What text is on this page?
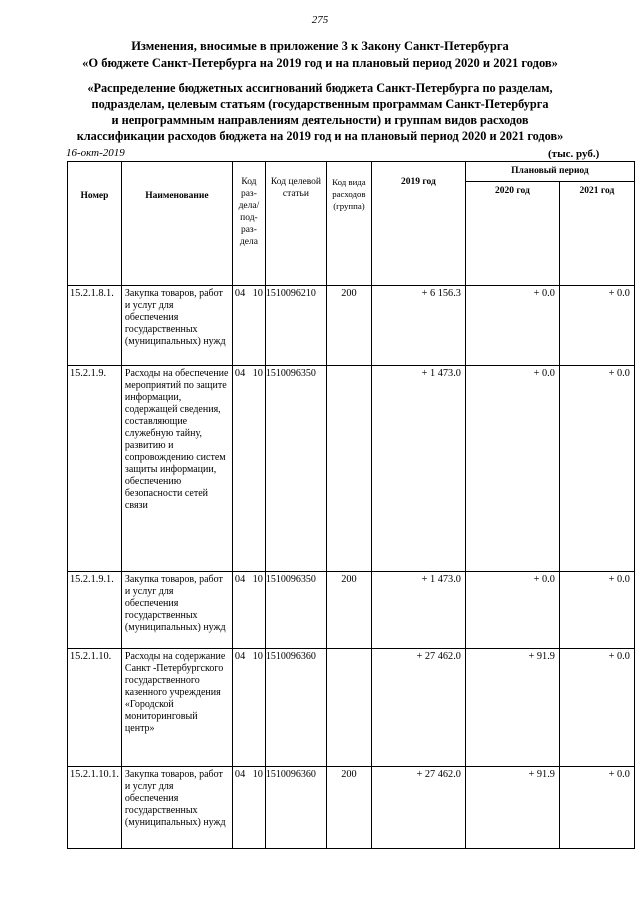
275
Изменения, вносимые в приложение 3 к Закону Санкт-Петербурга
«О бюджете Санкт-Петербурга на 2019 год и на плановый период 2020 и 2021 годов»
«Распределение бюджетных ассигнований бюджета Санкт-Петербурга по разделам,
подразделам, целевым статьям (государственным программам Санкт-Петербурга
и непрограммным направлениям деятельности) и группам видов расходов
классификации расходов бюджета на 2019 год и на плановый период 2020 и 2021 годов»
16-окт-2019	(тыс. руб.)
Номер	Наименование	Код раз-дела/ под-раз-дела	Код целевой статьи	Код вида расходов (группа)	2019 год	Плановый период	
						2020 год	2021 год
15.2.1.8.1.	Закупка товаров, работ и услуг для обеспечения государственных (муниципальных) нужд	04 10	1510096210	200	+ 6 156.3	+ 0.0	+ 0.0
15.2.1.9.	Расходы на обеспечение мероприятий по защите информации, содержащей сведения, составляющие служебную тайну, развитию и сопровождению систем защиты информации, обеспечению безопасности сетей связи	04 10	1510096350		+ 1 473.0	+ 0.0	+ 0.0
15.2.1.9.1.	Закупка товаров, работ и услуг для обеспечения государственных (муниципальных) нужд	04 10	1510096350	200	+ 1 473.0	+ 0.0	+ 0.0
15.2.1.10.	Расходы на содержание Санкт -Петербургского государственного казенного учреждения «Городской мониторинговый центр»	04 10	1510096360		+ 27 462.0	+ 91.9	+ 0.0
15.2.1.10.1.	Закупка товаров, работ и услуг для обеспечения государственных (муниципальных) нужд	04 10	1510096360	200	+ 27 462.0	+ 91.9	+ 0.0
